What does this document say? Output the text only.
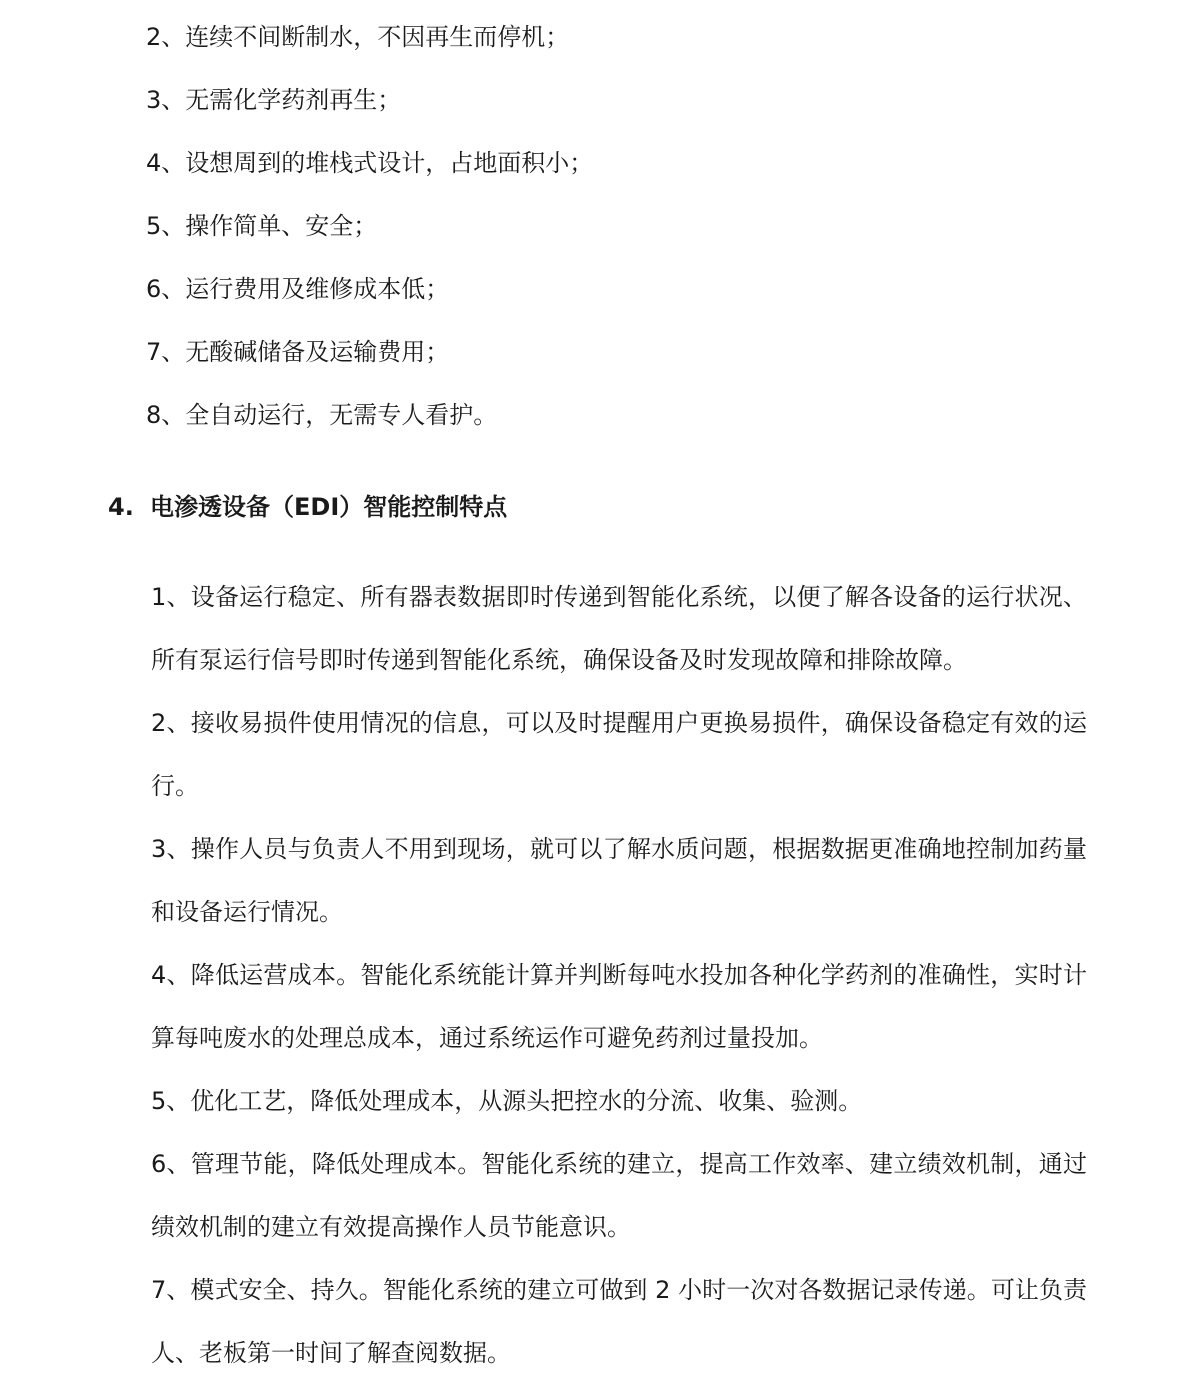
2、连续不间断制水，不因再生而停机；
3、无需化学药剂再生；
4、设想周到的堆栈式设计，占地面积小；
5、操作简单、安全；
6、运行费用及维修成本低；
7、无酸碱储备及运输费用；
8、全自动运行，无需专人看护。
4. 电渗透设备（EDI）智能控制特点
1、设备运行稳定、所有器表数据即时传递到智能化系统，以便了解各设备的运行状况、所有泵运行信号即时传递到智能化系统，确保设备及时发现故障和排除故障。
2、接收易损件使用情况的信息，可以及时提醒用户更换易损件，确保设备稳定有效的运行。
3、操作人员与负责人不用到现场，就可以了解水质问题，根据数据更准确地控制加药量和设备运行情况。
4、降低运营成本。智能化系统能计算并判断每吨水投加各种化学药剂的准确性，实时计算每吨废水的处理总成本，通过系统运作可避免药剂过量投加。
5、优化工艺，降低处理成本，从源头把控水的分流、收集、验测。
6、管理节能，降低处理成本。智能化系统的建立，提高工作效率、建立绩效机制，通过绩效机制的建立有效提高操作人员节能意识。
7、模式安全、持久。智能化系统的建立可做到 2 小时一次对各数据记录传递。可让负责人、老板第一时间了解查阅数据。
